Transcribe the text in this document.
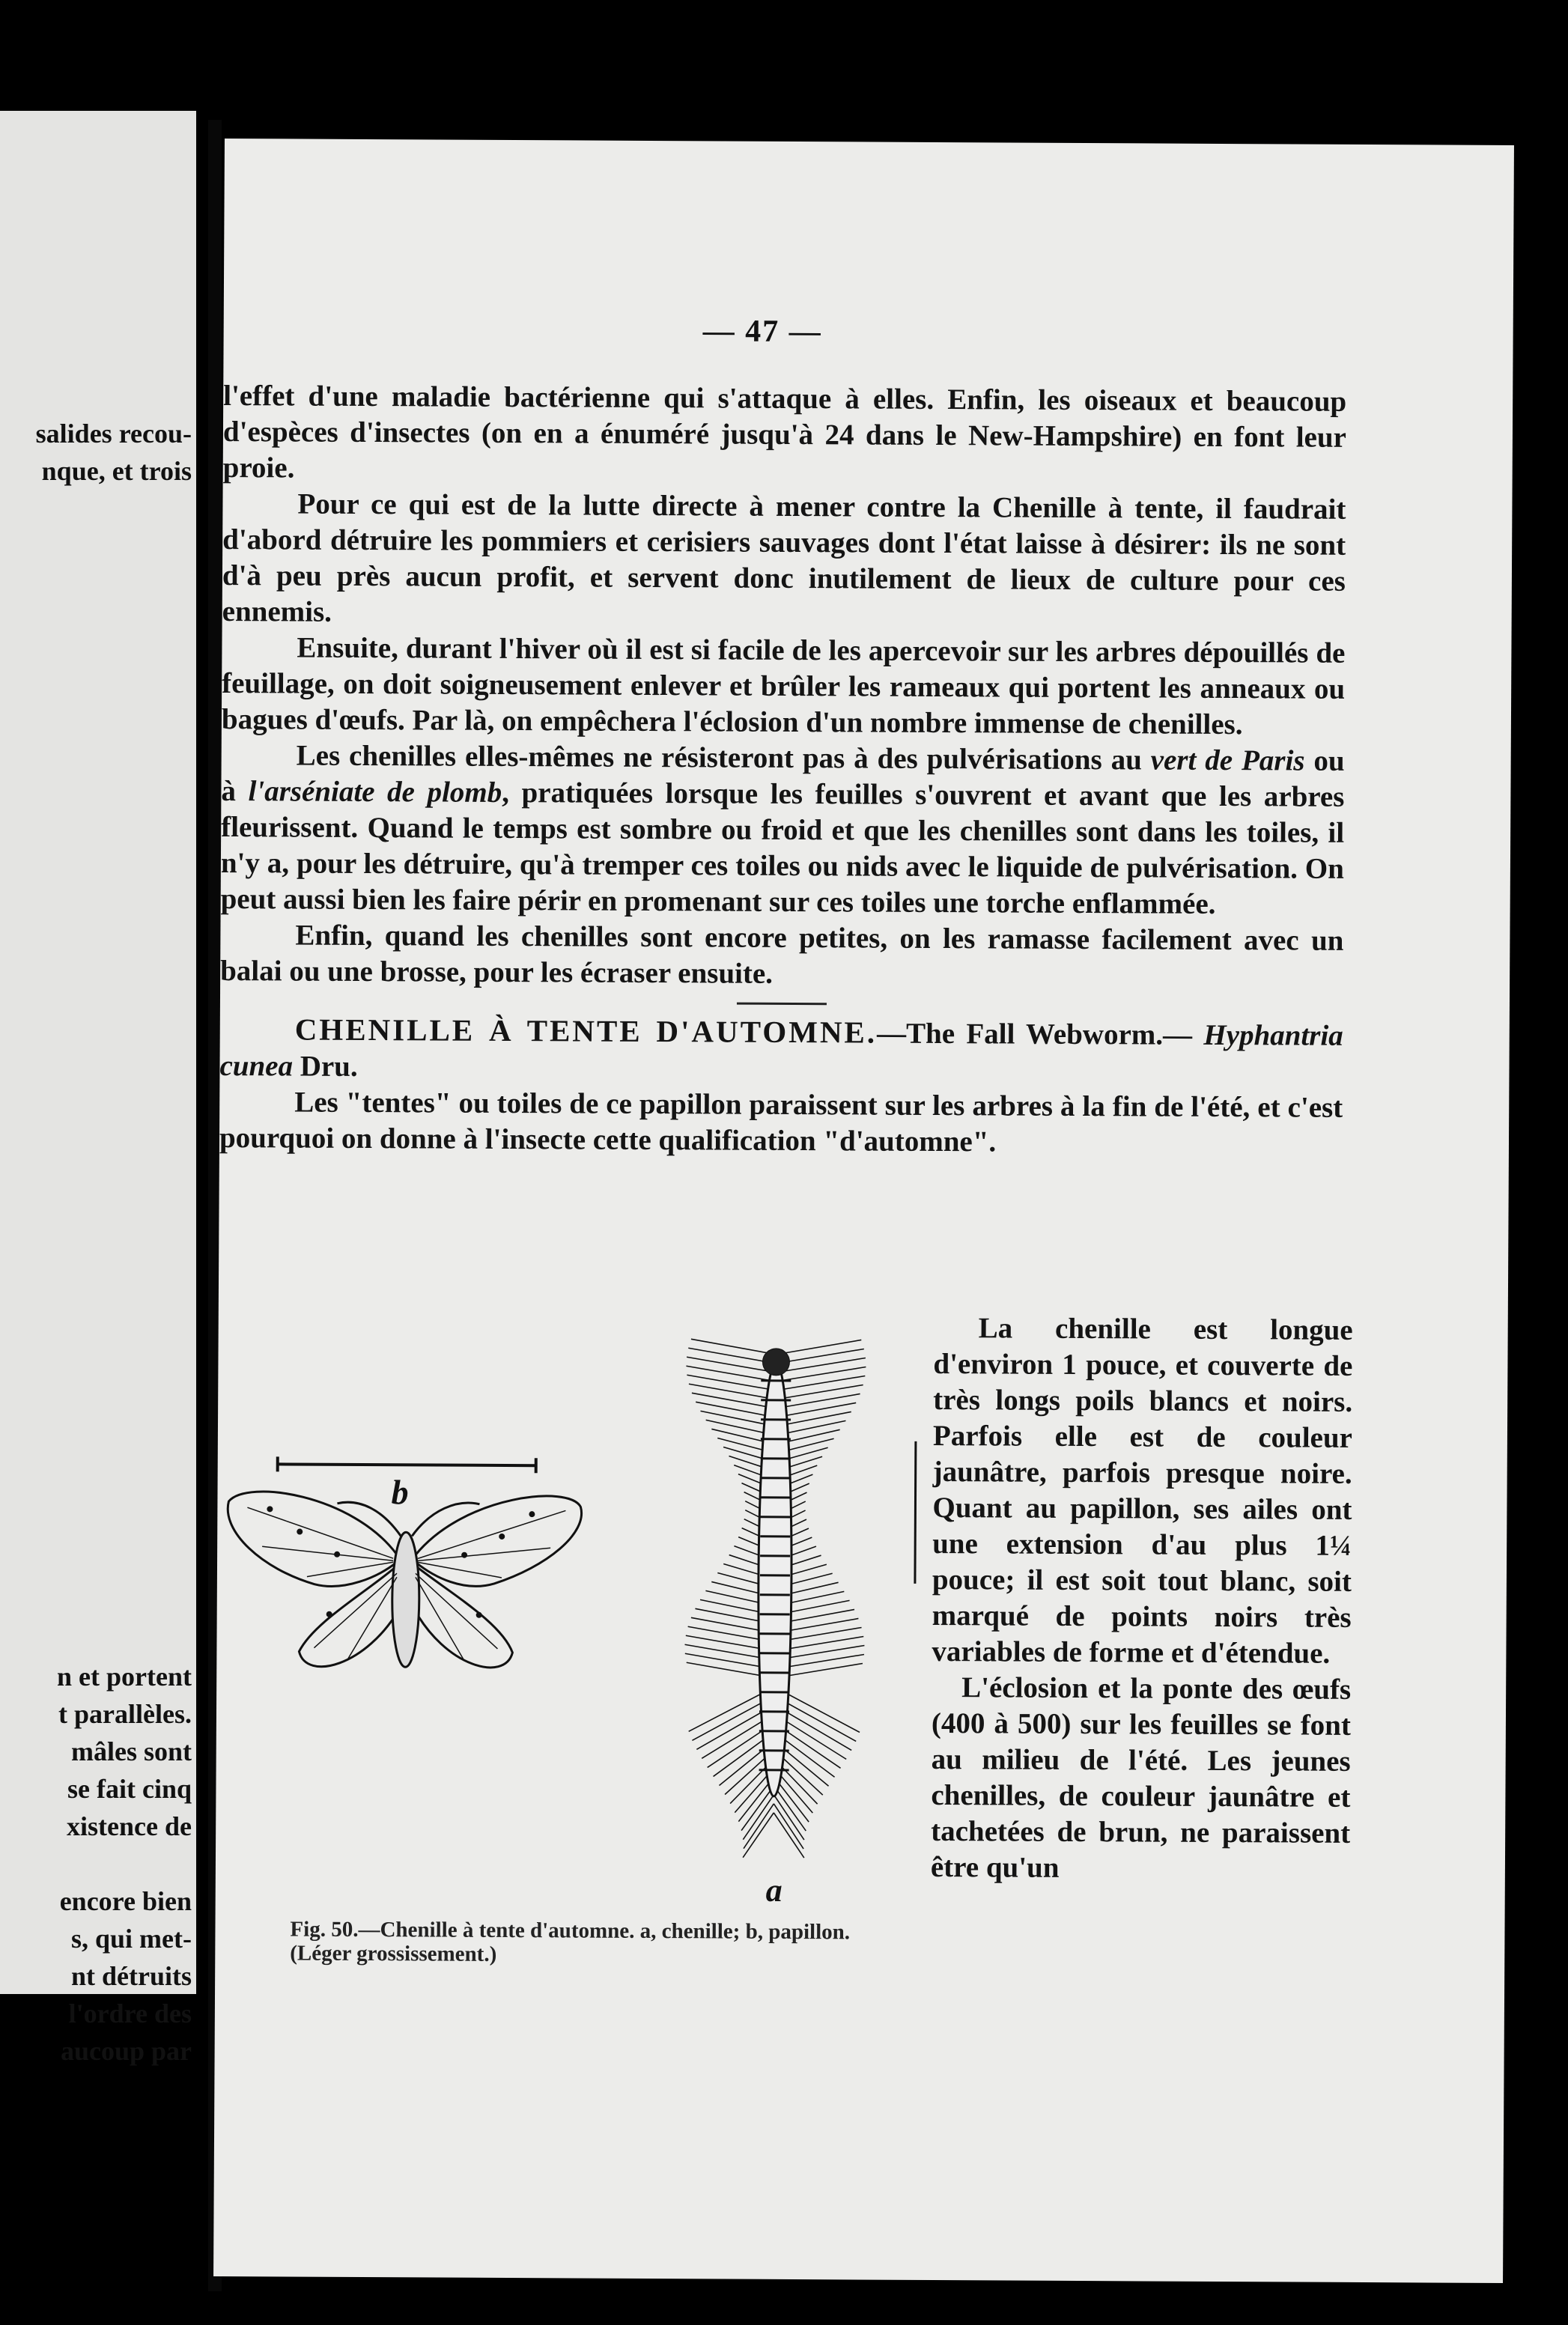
salides recou-
nque, et trois
n et portent
t parallèles.
mâles sont
se fait cinq
xistence de
encore bien
s, qui met-
nt détruits
l'ordre des
aucoup par
— 47 —

l'effet d'une maladie bactérienne qui s'attaque à elles. Enfin, les oiseaux et beaucoup d'espèces d'insectes (on en a énuméré jusqu'à 24 dans le New-Hampshire) en font leur proie.

Pour ce qui est de la lutte directe à mener contre la Chenille à tente, il faudrait d'abord détruire les pommiers et cerisiers sauvages dont l'état laisse à désirer: ils ne sont d'à peu près aucun profit, et servent donc inutilement de lieux de culture pour ces ennemis.

Ensuite, durant l'hiver où il est si facile de les apercevoir sur les arbres dépouillés de feuillage, on doit soigneusement enlever et brûler les rameaux qui portent les anneaux ou bagues d'œufs. Par là, on empêchera l'éclosion d'un nombre immense de chenilles.

Les chenilles elles-mêmes ne résisteront pas à des pulvérisations au vert de Paris ou à l'arséniate de plomb, pratiquées lorsque les feuilles s'ouvrent et avant que les arbres fleurissent. Quand le temps est sombre ou froid et que les chenilles sont dans les toiles, il n'y a, pour les détruire, qu'à tremper ces toiles ou nids avec le liquide de pulvérisation. On peut aussi bien les faire périr en promenant sur ces toiles une torche enflammée.

Enfin, quand les chenilles sont encore petites, on les ramasse facilement avec un balai ou une brosse, pour les écraser ensuite.

CHENILLE À TENTE D'AUTOMNE.—The Fall Webworm.— Hyphantria cunea Dru.

Les "tentes" ou toiles de ce papillon paraissent sur les arbres à la fin de l'été, et c'est pourquoi on donne à l'insecte cette qualification "d'automne".

b
a
Fig. 50.—Chenille à tente d'automne. a, chenille; b, papillon. (Léger grossissement.)

La chenille est longue d'environ 1 pouce, et couverte de très longs poils blancs et noirs. Parfois elle est de couleur jaunâtre, parfois presque noire. Quant au papillon, ses ailes ont une extension d'au plus 1¼ pouce; il est soit tout blanc, soit marqué de points noirs très variables de forme et d'étendue.

L'éclosion et la ponte des œufs (400 à 500) sur les feuilles se font au milieu de l'été. Les jeunes chenilles, de couleur jaunâtre et tachetées de brun, ne paraissent être qu'un
